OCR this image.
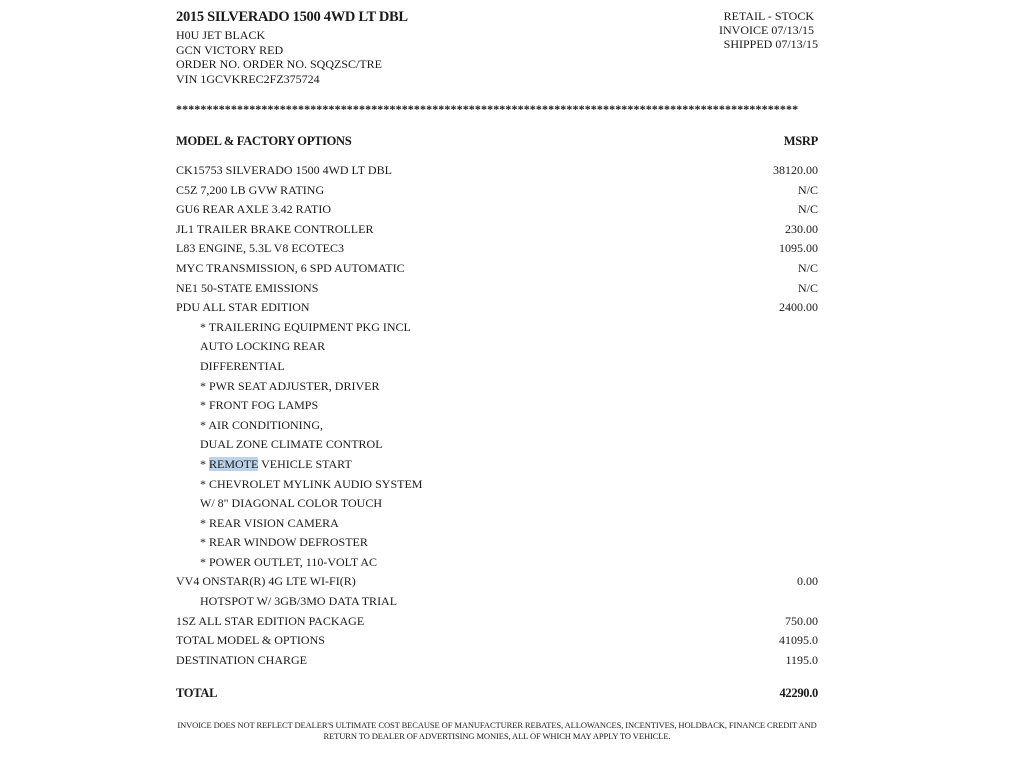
2015 SILVERADO 1500 4WD LT DBL
H0U JET BLACK
GCN VICTORY RED
ORDER NO. ORDER NO. SQQZSC/TRE
VIN 1GCVKREC2FZ375724
RETAIL - STOCK
INVOICE 07/13/15
SHIPPED 07/13/15
******************************************************************************************************
MODEL & FACTORY OPTIONS	MSRP
CK15753 SILVERADO 1500 4WD LT DBL	38120.00
C5Z 7,200 LB GVW RATING	N/C
GU6 REAR AXLE 3.42 RATIO	N/C
JL1 TRAILER BRAKE CONTROLLER	230.00
L83 ENGINE, 5.3L V8 ECOTEC3	1095.00
MYC TRANSMISSION, 6 SPD AUTOMATIC	N/C
NE1 50-STATE EMISSIONS	N/C
PDU ALL STAR EDITION	2400.00
* TRAILERING EQUIPMENT PKG INCL
AUTO LOCKING REAR
DIFFERENTIAL
* PWR SEAT ADJUSTER, DRIVER
* FRONT FOG LAMPS
* AIR CONDITIONING,
DUAL ZONE CLIMATE CONTROL
* REMOTE VEHICLE START
* CHEVROLET MYLINK AUDIO SYSTEM
W/ 8" DIAGONAL COLOR TOUCH
* REAR VISION CAMERA
* REAR WINDOW DEFROSTER
* POWER OUTLET, 110-VOLT AC
VV4 ONSTAR(R) 4G LTE WI-FI(R)	0.00
HOTSPOT W/ 3GB/3MO DATA TRIAL
1SZ ALL STAR EDITION PACKAGE	750.00
TOTAL MODEL & OPTIONS	41095.0
DESTINATION CHARGE	1195.0
TOTAL	42290.0
INVOICE DOES NOT REFLECT DEALER'S ULTIMATE COST BECAUSE OF MANUFACTURER REBATES, ALLOWANCES, INCENTIVES, HOLDBACK, FINANCE CREDIT AND RETURN TO DEALER OF ADVERTISING MONIES, ALL OF WHICH MAY APPLY TO VEHICLE.
